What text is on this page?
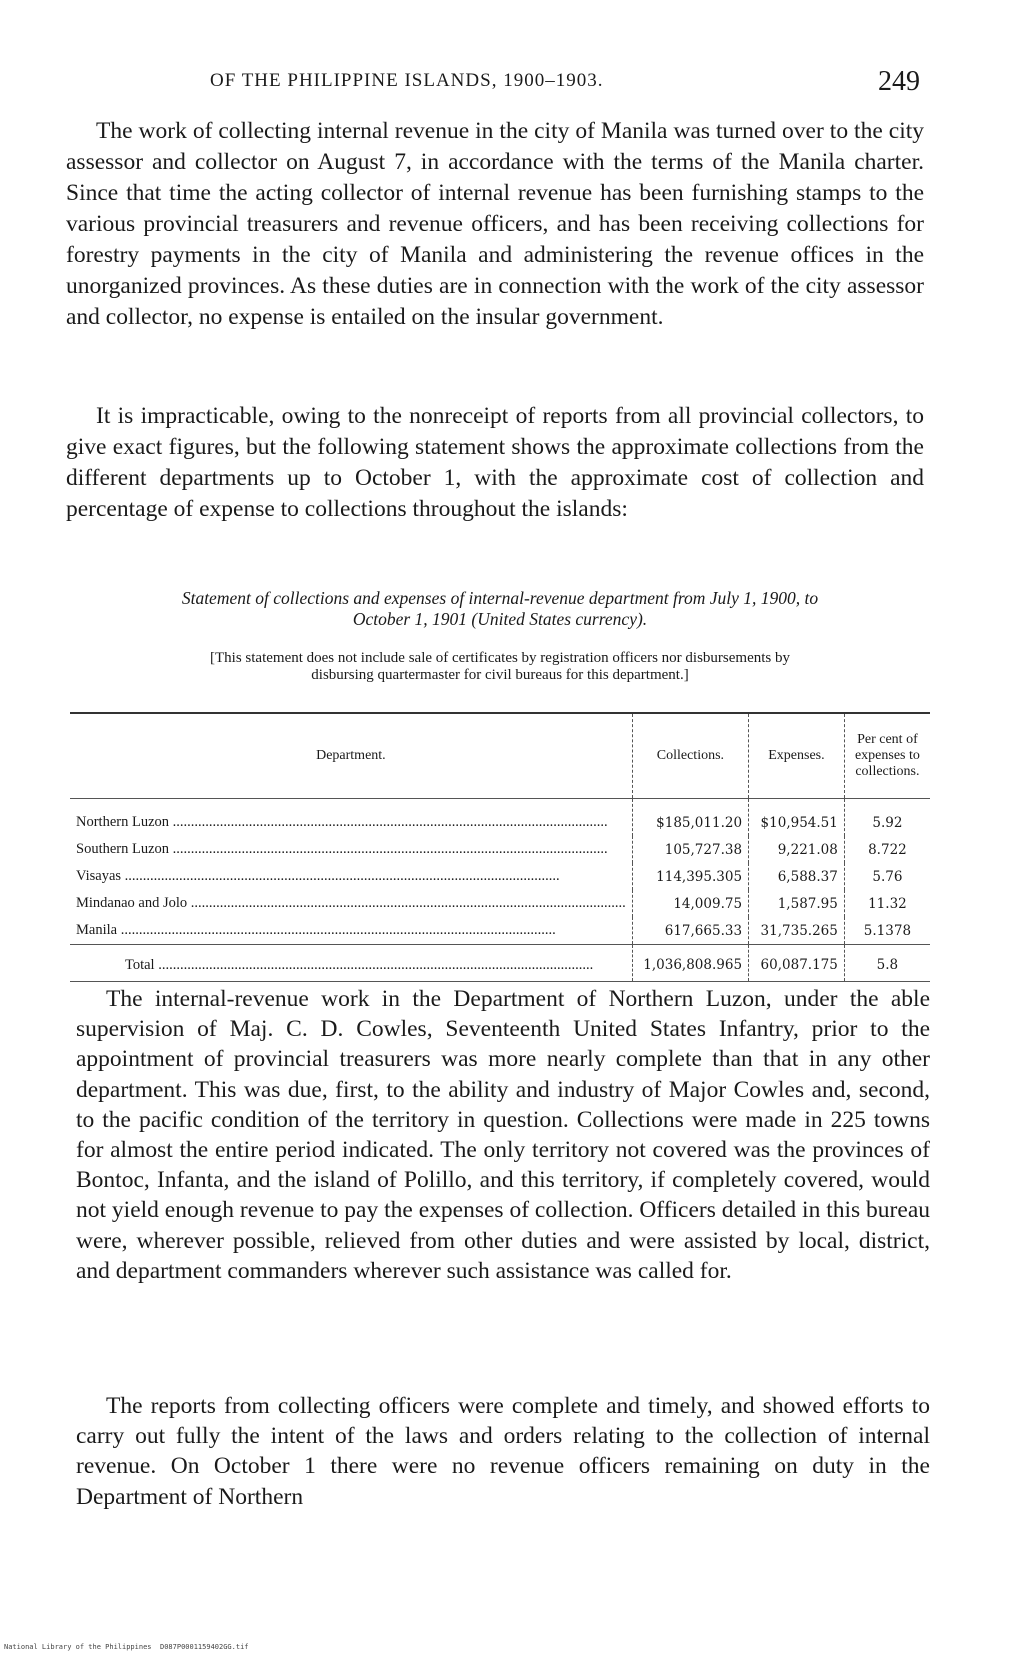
OF THE PHILIPPINE ISLANDS, 1900–1903.	249

The work of collecting internal revenue in the city of Manila was turned over to the city assessor and collector on August 7, in accordance with the terms of the Manila charter. Since that time the acting collector of internal revenue has been furnishing stamps to the various provincial treasurers and revenue officers, and has been receiving collections for forestry payments in the city of Manila and administering the revenue offices in the unorganized provinces. As these duties are in connection with the work of the city assessor and collector, no expense is entailed on the insular government.

It is impracticable, owing to the nonreceipt of reports from all provincial collectors, to give exact figures, but the following statement shows the approximate collections from the different departments up to October 1, with the approximate cost of collection and percentage of expense to collections throughout the islands:

Statement of collections and expenses of internal-revenue department from July 1, 1900, to
October 1, 1901 (United States currency).
[This statement does not include sale of certificates by registration officers nor disbursements by
disbursing quartermaster for civil bureaus for this department.]
Department.	Collections.	Expenses.	Per cent of expenses to collections.
Northern Luzon ........................................................................................................................	$185,011.20	$10,954.51	5.92
Southern Luzon ........................................................................................................................	105,727.38	9,221.08	8.722
Visayas ........................................................................................................................	114,395.305	6,588.37	5.76
Mindanao and Jolo ........................................................................................................................	14,009.75	1,587.95	11.32
Manila ........................................................................................................................	617,665.33	31,735.265	5.1378
Total ........................................................................................................................	1,036,808.965	60,087.175	5.8

The internal-revenue work in the Department of Northern Luzon, under the able supervision of Maj. C. D. Cowles, Seventeenth United States Infantry, prior to the appointment of provincial treasurers was more nearly complete than that in any other department. This was due, first, to the ability and industry of Major Cowles and, second, to the pacific condition of the territory in question. Collections were made in 225 towns for almost the entire period indicated. The only territory not covered was the provinces of Bontoc, Infanta, and the island of Polillo, and this territory, if completely covered, would not yield enough revenue to pay the expenses of collection. Officers detailed in this bureau were, wherever possible, relieved from other duties and were assisted by local, district, and department commanders wherever such assistance was called for.

The reports from collecting officers were complete and timely, and showed efforts to carry out fully the intent of the laws and orders relating to the collection of internal revenue. On October 1 there were no revenue officers remaining on duty in the Department of Northern

National Library of the Philippines D087P0001159402GG.tif
